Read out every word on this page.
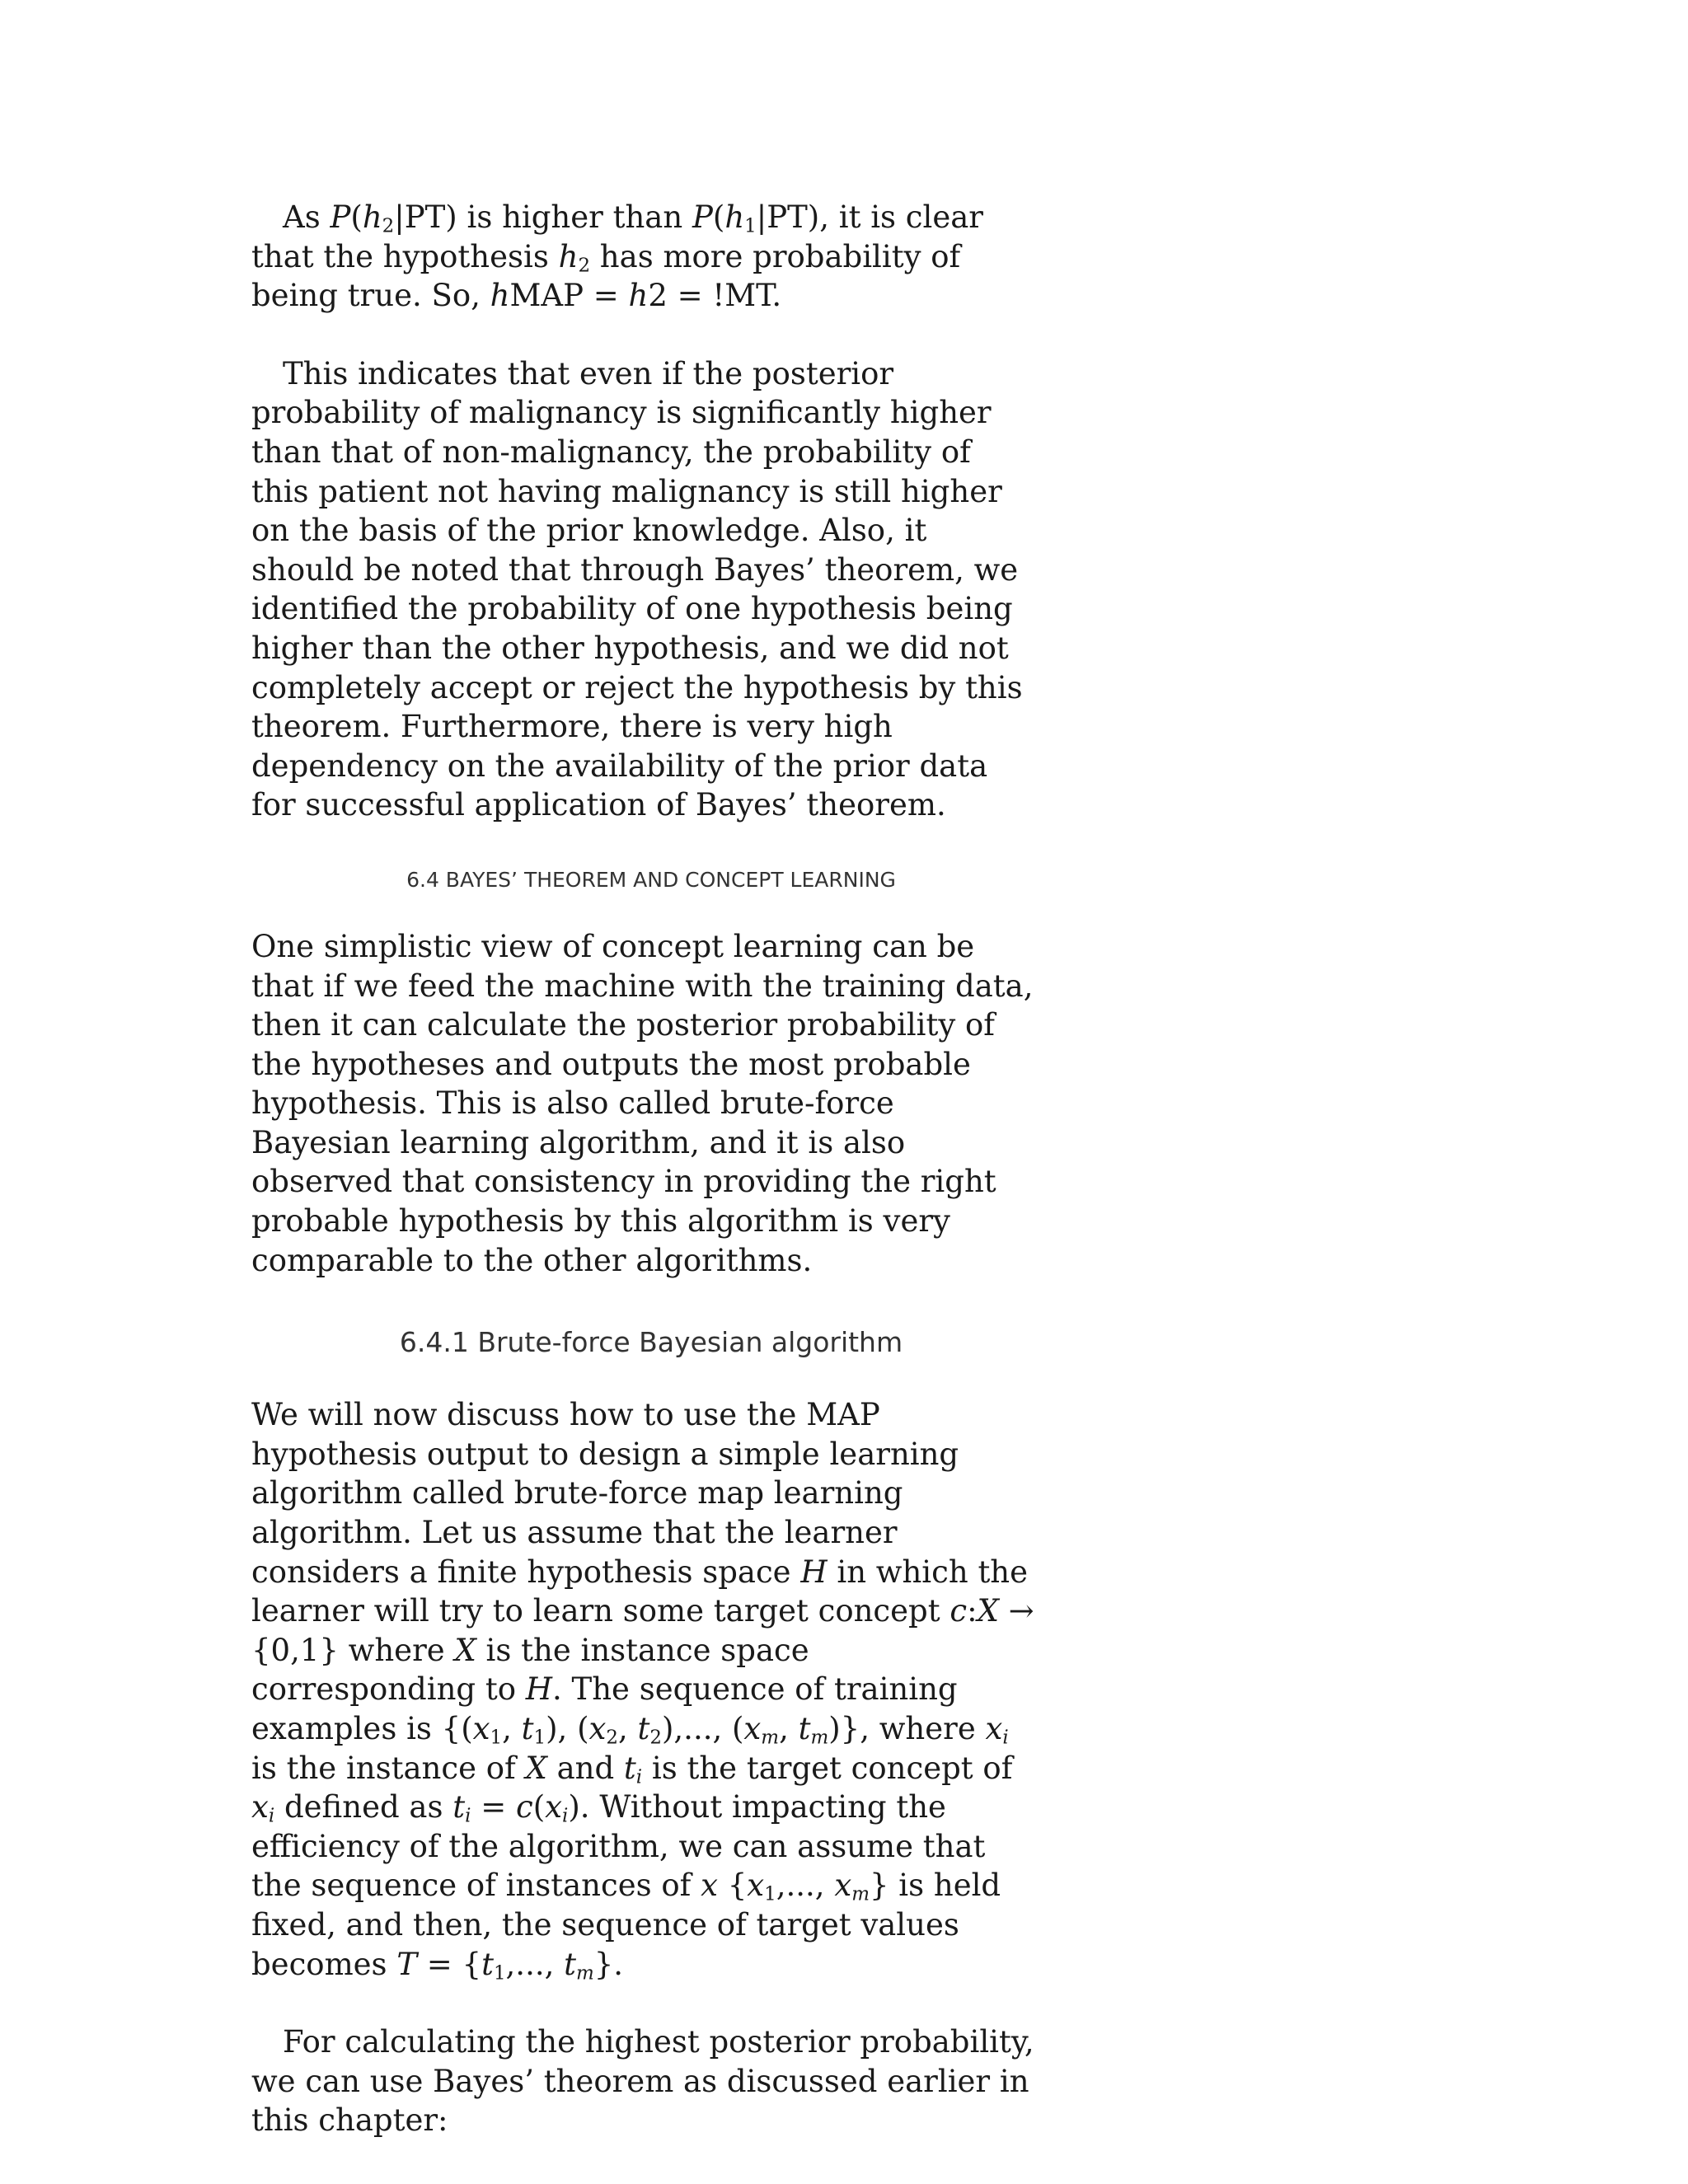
As $P(h_2|PT)$ is higher than $P(h_1|PT)$, it is clear that the hypothesis $h_2$ has more probability of being true. So, hMAP = h2 = !MT.

This indicates that even if the posterior probability of malignancy is significantly higher than that of non-malignancy, the probability of this patient not having malignancy is still higher on the basis of the prior knowledge. Also, it should be noted that through Bayes’ theorem, we identified the probability of one hypothesis being higher than the other hypothesis, and we did not completely accept or reject the hypothesis by this theorem. Furthermore, there is very high dependency on the availability of the prior data for successful application of Bayes’ theorem.

6.4 BAYES’ THEOREM AND CONCEPT LEARNING

One simplistic view of concept learning can be that if we feed the machine with the training data, then it can calculate the posterior probability of the hypotheses and outputs the most probable hypothesis. This is also called brute-force Bayesian learning algorithm, and it is also observed that consistency in providing the right probable hypothesis by this algorithm is very comparable to the other algorithms.

6.4.1 Brute-force Bayesian algorithm

We will now discuss how to use the MAP hypothesis output to design a simple learning algorithm called brute-force map learning algorithm. Let us assume that the learner considers a finite hypothesis space H in which the learner will try to learn some target concept c:X → {0,1} where X is the instance space corresponding to H. The sequence of training examples is {($x_1$, $t_1$), ($x_2$, $t_2$),..., ($x_m$, $t_m$)}, where $x_i$ is the instance of X and $t_i$ is the target concept of $x_i$ defined as $t_i = c(x_i)$. Without impacting the efficiency of the algorithm, we can assume that the sequence of instances of x {$x_1$,..., $x_m$} is held fixed, and then, the sequence of target values becomes $T = \{t_1$,..., $t_m$}.

For calculating the highest posterior probability, we can use Bayes’ theorem as discussed earlier in this chapter:
